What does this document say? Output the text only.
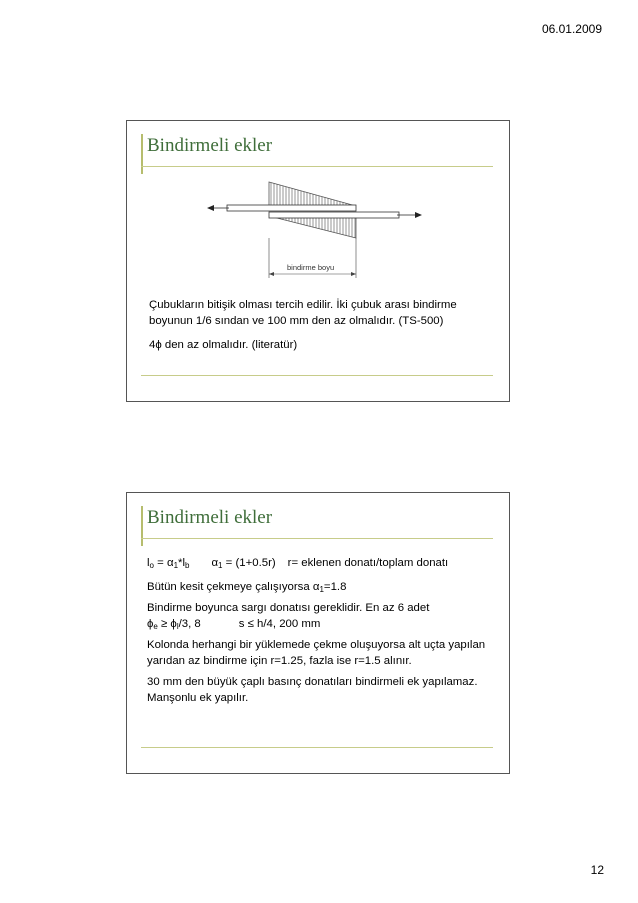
06.01.2009
Bindirmeli ekler
bindirme boyu

Çubukların bitişik olması tercih edilir. İki çubuk arası bindirme boyunun 1/6 sından ve 100 mm den az olmalıdır. (TS-500)

4ϕ den az olmalıdır. (literatür)

Bindirmeli ekler

$l_o = \alpha_1*l_b$ $\alpha_1 = (1+0.5r)$ r= eklenen donatı/toplam donatı

Bütün kesit çekmeye çalışıyorsa $\alpha_1=1.8$

Bindirme boyunca sargı donatısı gereklidir. En az 6 adet
$\phi_e \ge \phi_l/3$, 8	s ≤ h/4, 200 mm

Kolonda herhangi bir yüklemede çekme oluşuyorsa alt uçta yapılan yarıdan az bindirme için r=1.25, fazla ise r=1.5 alınır.

30 mm den büyük çaplı basınç donatıları bindirmeli ek yapılamaz. Manşonlu ek yapılır.

12
